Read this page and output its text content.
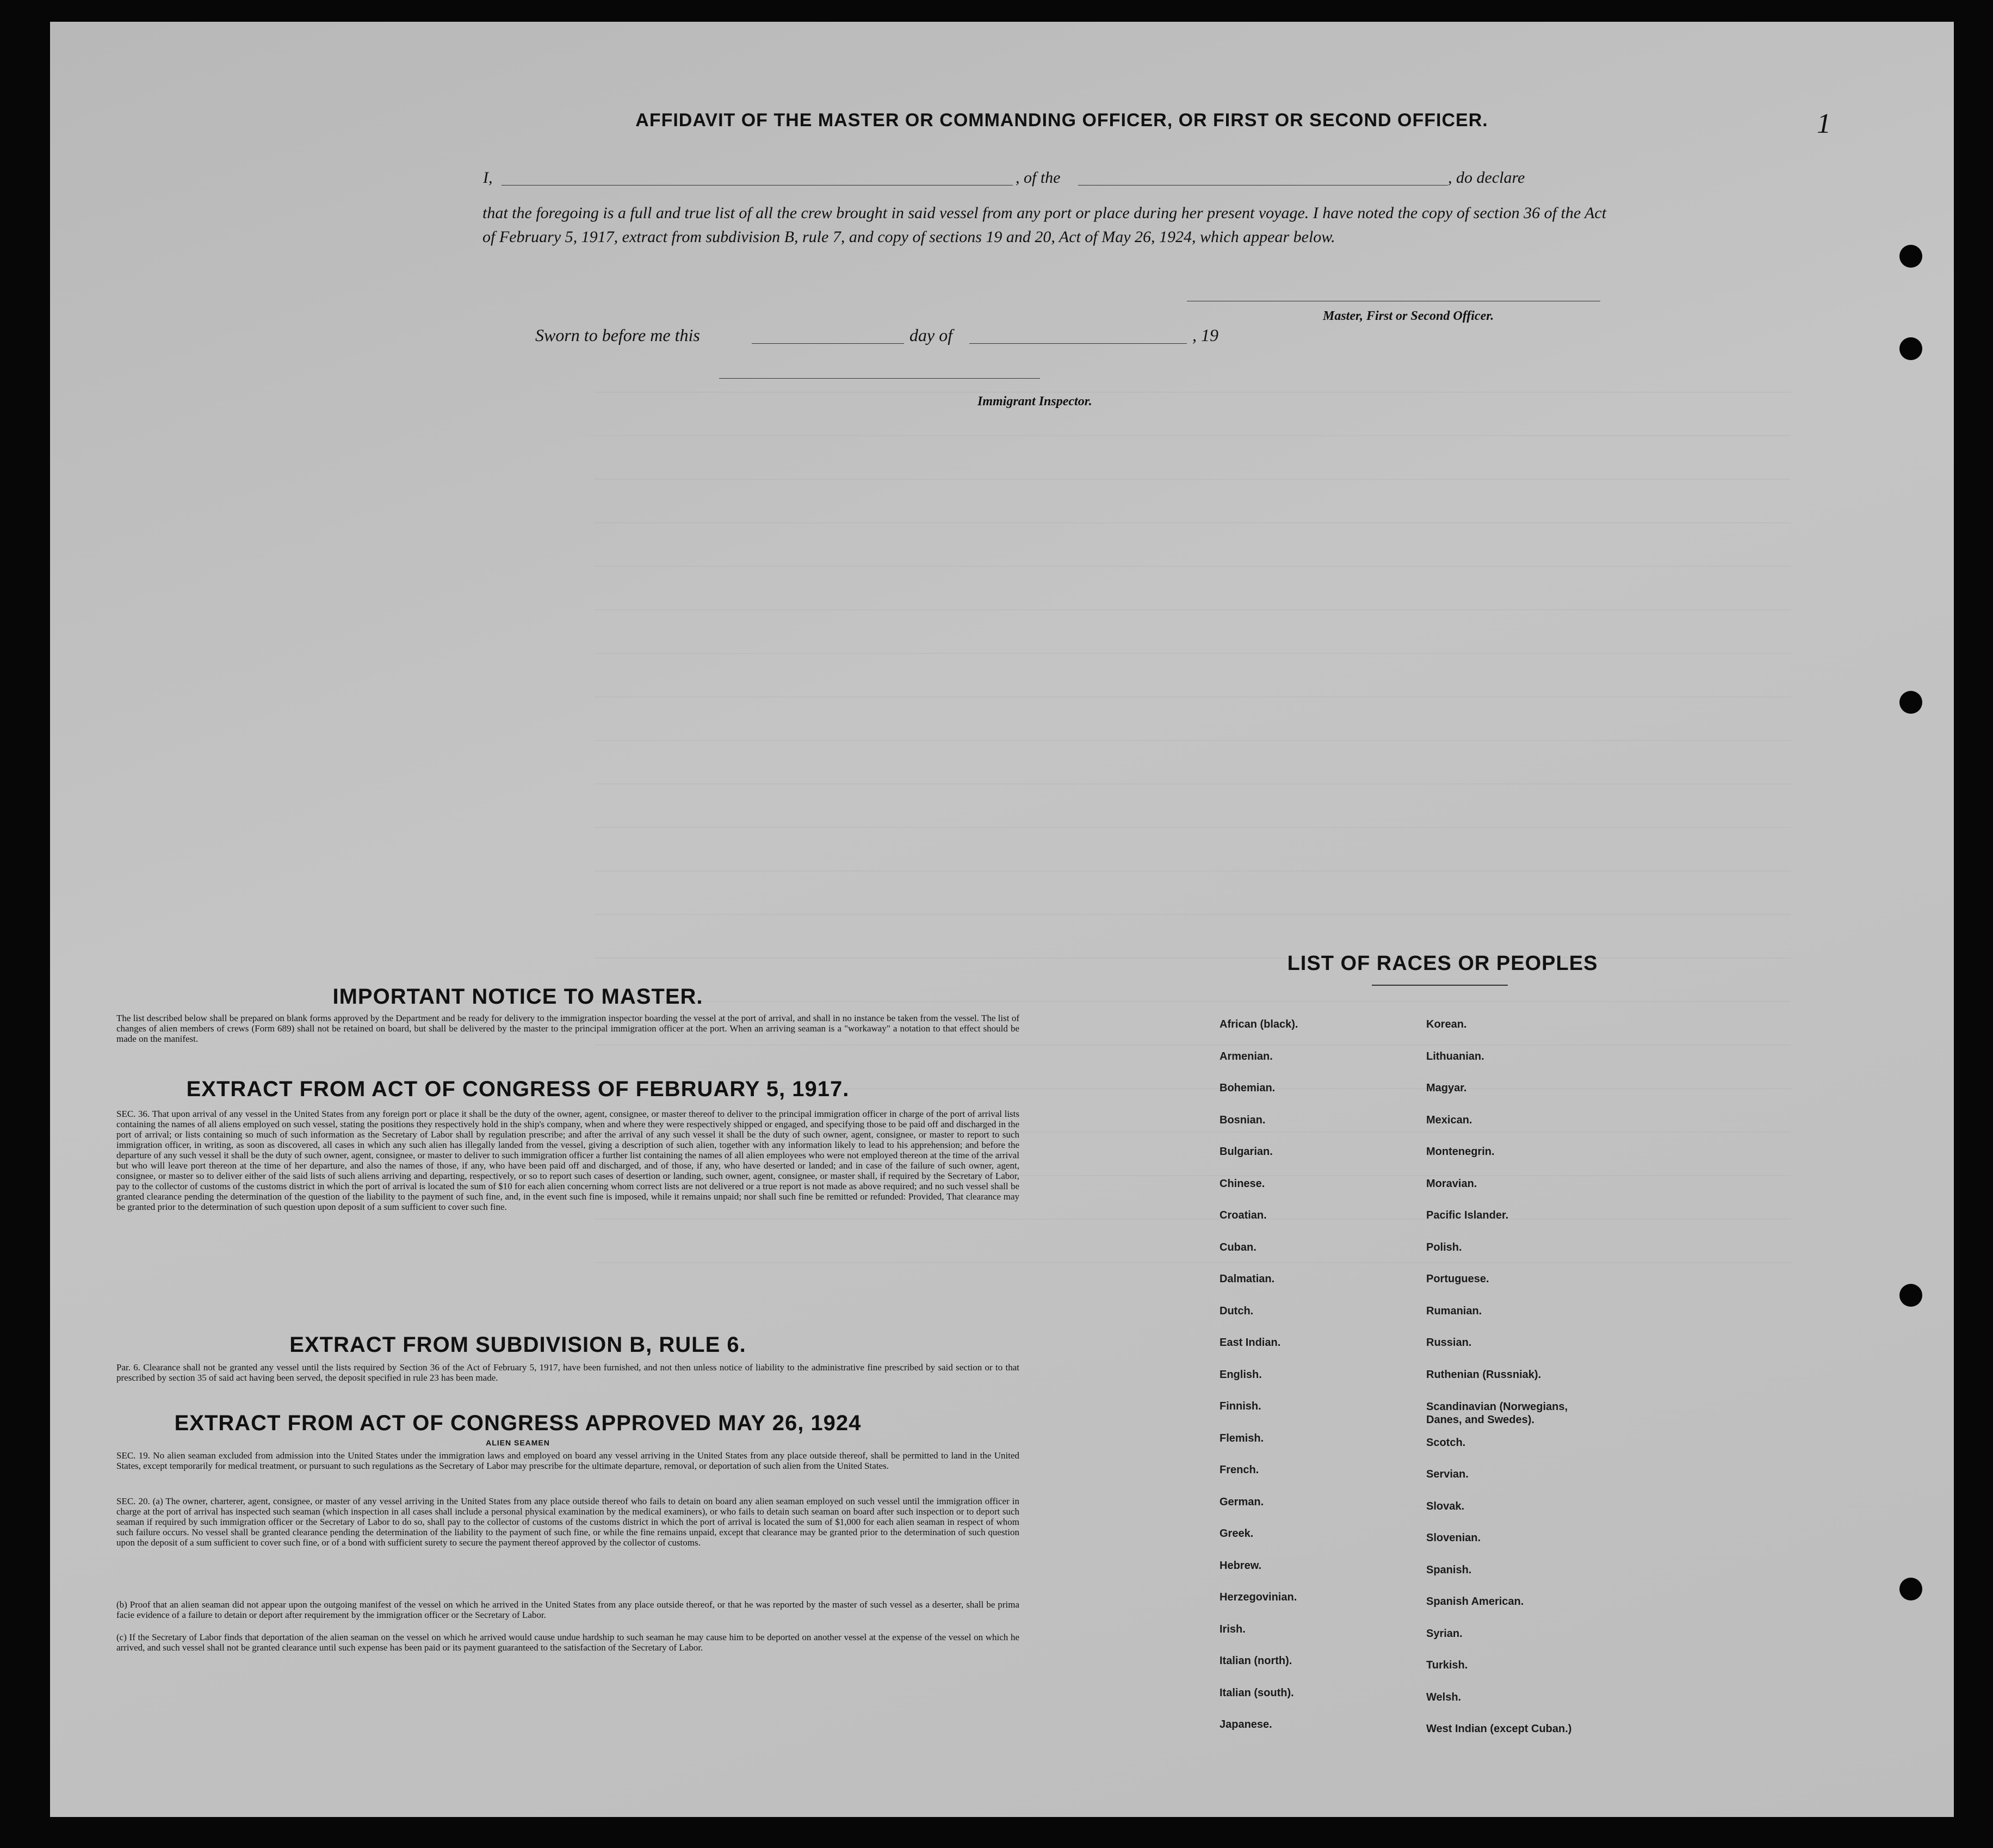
AFFIDAVIT OF THE MASTER OR COMMANDING OFFICER, OR FIRST OR SECOND OFFICER.
I,	, of the	, do declare
that the foregoing is a full and true list of all the crew brought in said vessel from any port or place during her present voyage. I have noted the copy of section 36 of the Act of February 5, 1917, extract from subdivision B, rule 7, and copy of sections 19 and 20, Act of May 26, 1924, which appear below.
Master, First or Second Officer.
Sworn to before me this	day of	, 19
Immigrant Inspector.
1
IMPORTANT NOTICE TO MASTER.
The list described below shall be prepared on blank forms approved by the Department and be ready for delivery to the immigration inspector boarding the vessel at the port of arrival, and shall in no instance be taken from the vessel. The list of changes of alien members of crews (Form 689) shall not be retained on board, but shall be delivered by the master to the principal immigration officer at the port. When an arriving seaman is a "workaway" a notation to that effect should be made on the manifest.
EXTRACT FROM ACT OF CONGRESS OF FEBRUARY 5, 1917.
SEC. 36. That upon arrival of any vessel in the United States from any foreign port or place it shall be the duty of the owner, agent, consignee, or master thereof to deliver to the principal immigration officer in charge of the port of arrival lists containing the names of all aliens employed on such vessel, stating the positions they respectively hold in the ship's company, when and where they were respectively shipped or engaged, and specifying those to be paid off and discharged in the port of arrival; or lists containing so much of such information as the Secretary of Labor shall by regulation prescribe; and after the arrival of any such vessel it shall be the duty of such owner, agent, consignee, or master to report to such immigration officer, in writing, as soon as discovered, all cases in which any such alien has illegally landed from the vessel, giving a description of such alien, together with any information likely to lead to his apprehension; and before the departure of any such vessel it shall be the duty of such owner, agent, consignee, or master to deliver to such immigration officer a further list containing the names of all alien employees who were not employed thereon at the time of the arrival but who will leave port thereon at the time of her departure, and also the names of those, if any, who have been paid off and discharged, and of those, if any, who have deserted or landed; and in case of the failure of such owner, agent, consignee, or master so to deliver either of the said lists of such aliens arriving and departing, respectively, or so to report such cases of desertion or landing, such owner, agent, consignee, or master shall, if required by the Secretary of Labor, pay to the collector of customs of the customs district in which the port of arrival is located the sum of $10 for each alien concerning whom correct lists are not delivered or a true report is not made as above required; and no such vessel shall be granted clearance pending the determination of the question of the liability to the payment of such fine, and, in the event such fine is imposed, while it remains unpaid; nor shall such fine be remitted or refunded: Provided, That clearance may be granted prior to the determination of such question upon deposit of a sum sufficient to cover such fine.
EXTRACT FROM SUBDIVISION B, RULE 6.
Par. 6. Clearance shall not be granted any vessel until the lists required by Section 36 of the Act of February 5, 1917, have been furnished, and not then unless notice of liability to the administrative fine prescribed by said section or to that prescribed by section 35 of said act having been served, the deposit specified in rule 23 has been made.
EXTRACT FROM ACT OF CONGRESS APPROVED MAY 26, 1924
ALIEN SEAMEN
SEC. 19. No alien seaman excluded from admission into the United States under the immigration laws and employed on board any vessel arriving in the United States from any place outside thereof, shall be permitted to land in the United States, except temporarily for medical treatment, or pursuant to such regulations as the Secretary of Labor may prescribe for the ultimate departure, removal, or deportation of such alien from the United States.
SEC. 20. (a) The owner, charterer, agent, consignee, or master of any vessel arriving in the United States from any place outside thereof who fails to detain on board any alien seaman employed on such vessel until the immigration officer in charge at the port of arrival has inspected such seaman (which inspection in all cases shall include a personal physical examination by the medical examiners), or who fails to detain such seaman on board after such inspection or to deport such seaman if required by such immigration officer or the Secretary of Labor to do so, shall pay to the collector of customs of the customs district in which the port of arrival is located the sum of $1,000 for each alien seaman in respect of whom such failure occurs. No vessel shall be granted clearance pending the determination of the liability to the payment of such fine, or while the fine remains unpaid, except that clearance may be granted prior to the determination of such question upon the deposit of a sum sufficient to cover such fine, or of a bond with sufficient surety to secure the payment thereof approved by the collector of customs.
(b) Proof that an alien seaman did not appear upon the outgoing manifest of the vessel on which he arrived in the United States from any place outside thereof, or that he was reported by the master of such vessel as a deserter, shall be prima facie evidence of a failure to detain or deport after requirement by the immigration officer or the Secretary of Labor.
(c) If the Secretary of Labor finds that deportation of the alien seaman on the vessel on which he arrived would cause undue hardship to such seaman he may cause him to be deported on another vessel at the expense of the vessel on which he arrived, and such vessel shall not be granted clearance until such expense has been paid or its payment guaranteed to the satisfaction of the Secretary of Labor.
LIST OF RACES OR PEOPLES
African (black).
Armenian.
Bohemian.
Bosnian.
Bulgarian.
Chinese.
Croatian.
Cuban.
Dalmatian.
Dutch.
East Indian.
English.
Finnish.
Flemish.
French.
German.
Greek.
Hebrew.
Herzegovinian.
Irish.
Italian (north).
Italian (south).
Japanese.
Korean.
Lithuanian.
Magyar.
Mexican.
Montenegrin.
Moravian.
Pacific Islander.
Polish.
Portuguese.
Rumanian.
Russian.
Ruthenian (Russniak).
Scandinavian (Norwegians, Danes, and Swedes).
Scotch.
Servian.
Slovak.
Slovenian.
Spanish.
Spanish American.
Syrian.
Turkish.
Welsh.
West Indian (except Cuban.)
